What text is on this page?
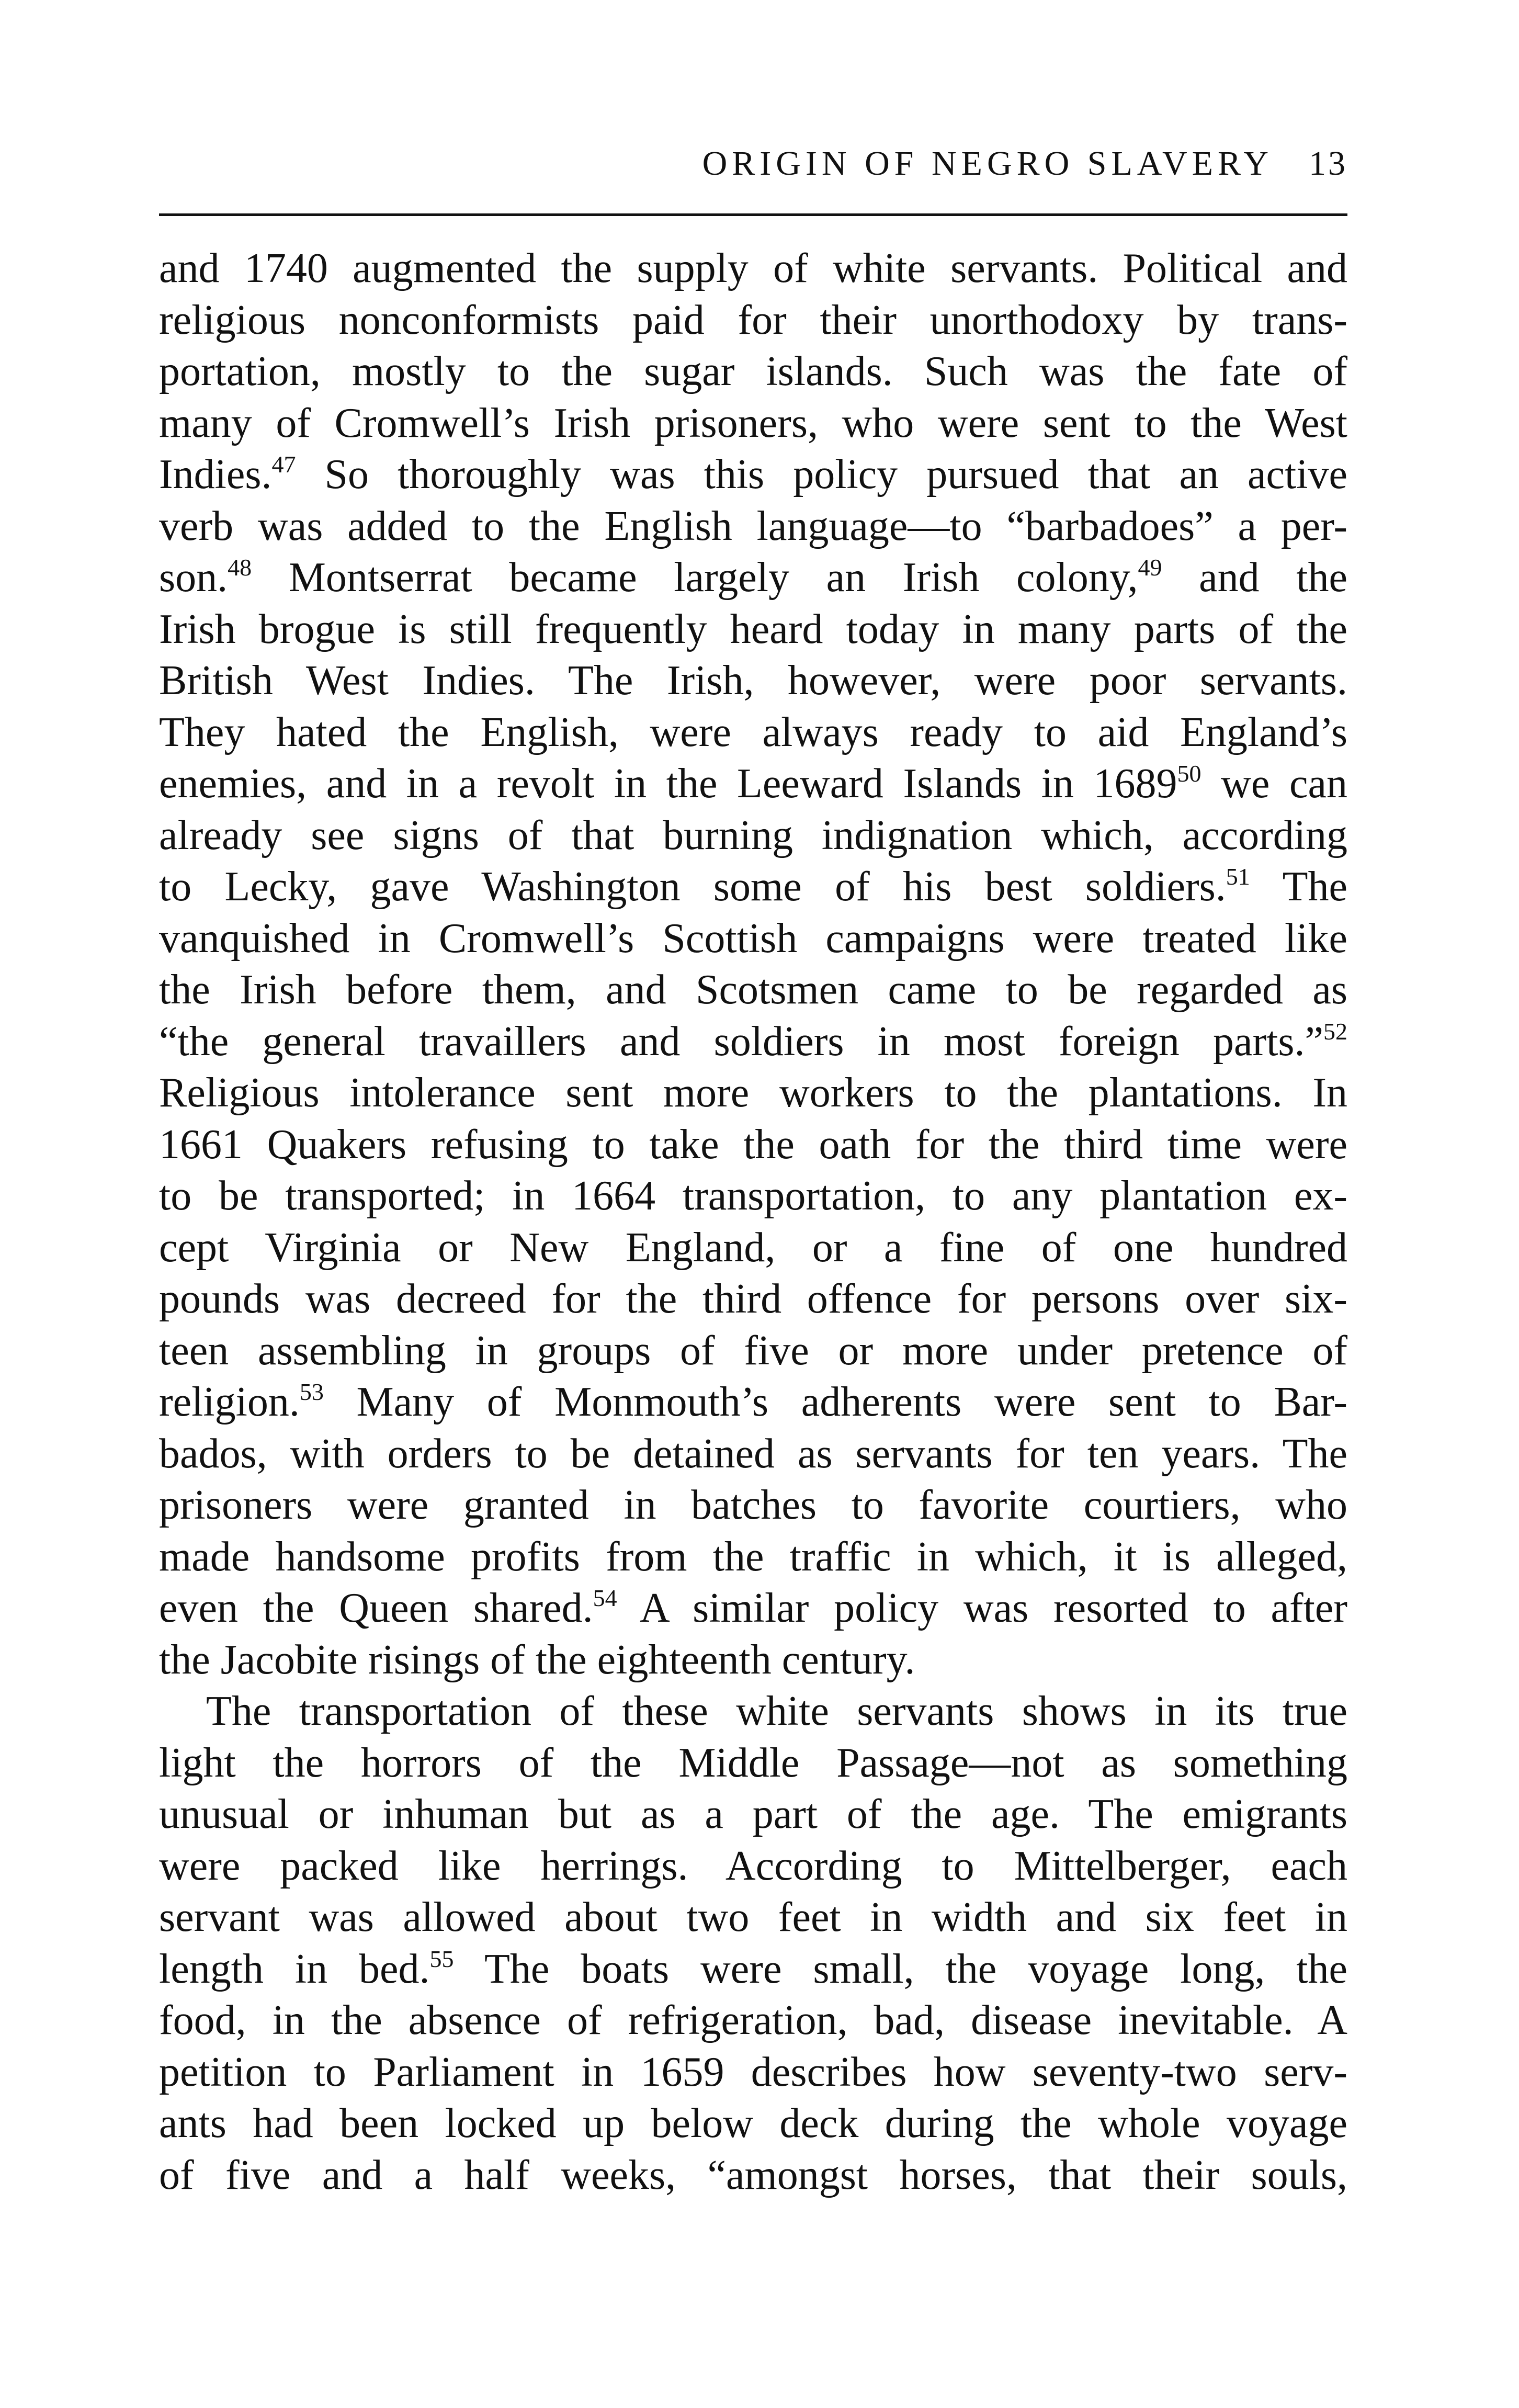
ORIGIN OF NEGRO SLAVERY 13
and 1740 augmented the supply of white servants. Political and
religious nonconformists paid for their unorthodoxy by trans-
portation, mostly to the sugar islands. Such was the fate of
many of Cromwell’s Irish prisoners, who were sent to the West
Indies.$^{47}$ So thoroughly was this policy pursued that an active
verb was added to the English language—to “barbadoes” a per-
son.$^{48}$ Montserrat became largely an Irish colony,$^{49}$ and the
Irish brogue is still frequently heard today in many parts of the
British West Indies. The Irish, however, were poor servants.
They hated the English, were always ready to aid England’s
enemies, and in a revolt in the Leeward Islands in 1689$^{50}$ we can
already see signs of that burning indignation which, according
to Lecky, gave Washington some of his best soldiers.$^{51}$ The
vanquished in Cromwell’s Scottish campaigns were treated like
the Irish before them, and Scotsmen came to be regarded as
“the general travaillers and soldiers in most foreign parts.”$^{52}$
Religious intolerance sent more workers to the plantations. In
1661 Quakers refusing to take the oath for the third time were
to be transported; in 1664 transportation, to any plantation ex-
cept Virginia or New England, or a fine of one hundred
pounds was decreed for the third offence for persons over six-
teen assembling in groups of five or more under pretence of
religion.$^{53}$ Many of Monmouth’s adherents were sent to Bar-
bados, with orders to be detained as servants for ten years. The
prisoners were granted in batches to favorite courtiers, who
made handsome profits from the traffic in which, it is alleged,
even the Queen shared.$^{54}$ A similar policy was resorted to after
the Jacobite risings of the eighteenth century.
The transportation of these white servants shows in its true
light the horrors of the Middle Passage—not as something
unusual or inhuman but as a part of the age. The emigrants
were packed like herrings. According to Mittelberger, each
servant was allowed about two feet in width and six feet in
length in bed.$^{55}$ The boats were small, the voyage long, the
food, in the absence of refrigeration, bad, disease inevitable. A
petition to Parliament in 1659 describes how seventy-two serv-
ants had been locked up below deck during the whole voyage
of five and a half weeks, “amongst horses, that their souls,
